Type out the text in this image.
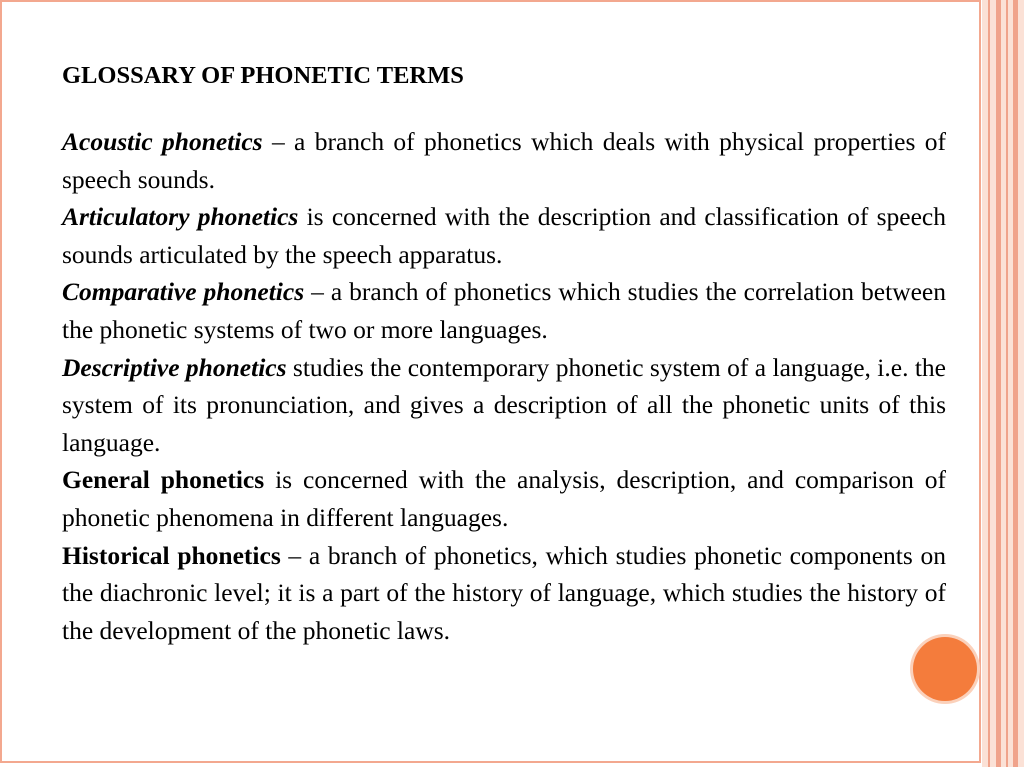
GLOSSARY OF PHONETIC TERMS

Acoustic phonetics – a branch of phonetics which deals with physical properties of speech sounds.

Articulatory phonetics is concerned with the description and classification of speech sounds articulated by the speech apparatus.

Comparative phonetics – a branch of phonetics which studies the correlation between the phonetic systems of two or more languages.

Descriptive phonetics studies the contemporary phonetic system of a language, i.e. the system of its pronunciation, and gives a description of all the phonetic units of this language.

General phonetics is concerned with the analysis, description, and comparison of phonetic phenomena in different languages.

Historical phonetics – a branch of phonetics, which studies phonetic components on the diachronic level; it is a part of the history of language, which studies the history of the development of the phonetic laws.
